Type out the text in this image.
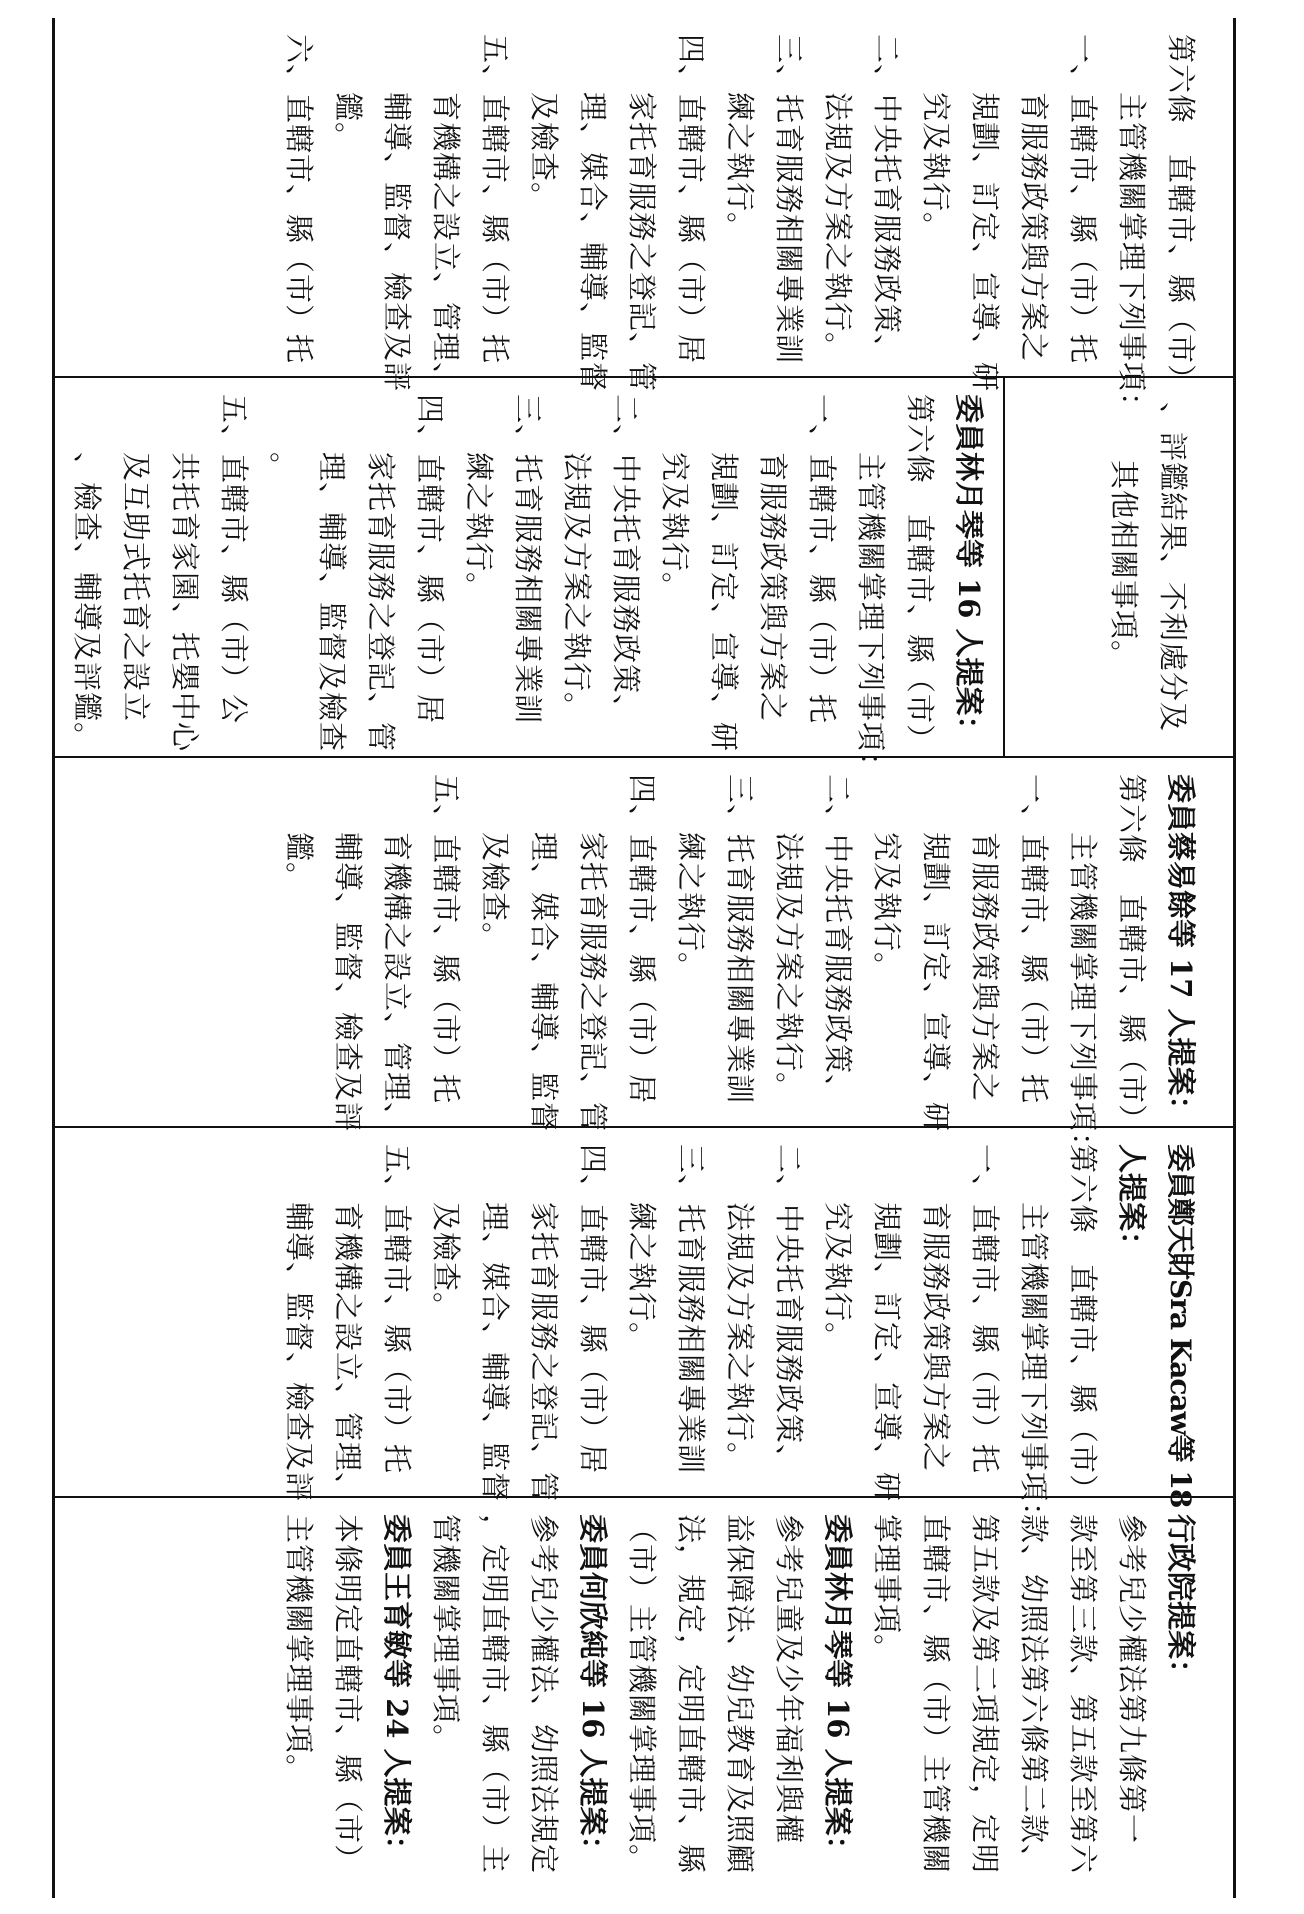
第六條　直轄市、縣（市）
主管機關掌理下列事項：
一、直轄市、縣（市）托
育服務政策與方案之
規劃、訂定、宣導、研
究及執行。
二、中央托育服務政策、
法規及方案之執行。
三、托育服務相關專業訓
練之執行。
四、直轄市、縣（市）居
家托育服務之登記、管
理、媒合、輔導、監督
及檢查。
五、直轄市、縣（市）托
育機構之設立、管理、
輔導、監督、檢查及評
鑑。
六、直轄市、縣（市）托
、評鑑結果、不利處分及
其他相關事項。
委員林月琴等 16 人提案：
第六條　直轄市、縣（市）
主管機關掌理下列事項：
一、直轄市、縣（市）托
育服務政策與方案之
規劃、訂定、宣導、研
究及執行。
二、中央托育服務政策、
法規及方案之執行。
三、托育服務相關專業訓
練之執行。
四、直轄市、縣（市）居
家托育服務之登記、管
理、輔導、監督及檢查
。
五、直轄市、縣（市）公
共托育家園、托嬰中心
及互助式托育之設立
、檢查、輔導及評鑑。
委員蔡易餘等 17 人提案：
第六條　直轄市、縣（市）
主管機關掌理下列事項：
一、直轄市、縣（市）托
育服務政策與方案之
規劃、訂定、宣導、研
究及執行。
二、中央托育服務政策、
法規及方案之執行。
三、托育服務相關專業訓
練之執行。
四、直轄市、縣（市）居
家托育服務之登記、管
理、媒合、輔導、監督
及檢查。
五、直轄市、縣（市）托
育機構之設立、管理、
輔導、監督、檢查及評
鑑。
委員鄭天財Sra Kacaw等 18
人提案：
第六條　直轄市、縣（市）
主管機關掌理下列事項：
一、直轄市、縣（市）托
育服務政策與方案之
規劃、訂定、宣導、研
究及執行。
二、中央托育服務政策、
法規及方案之執行。
三、托育服務相關專業訓
練之執行。
四、直轄市、縣（市）居
家托育服務之登記、管
理、媒合、輔導、監督
及檢查。
五、直轄市、縣（市）托
育機構之設立、管理、
輔導、監督、檢查及評
行政院提案：
參考兒少權法第九條第一
款至第三款、第五款至第六
款、幼照法第六條第二款、
第五款及第二項規定，定明
直轄市、縣（市）主管機關
掌理事項。
委員林月琴等 16 人提案：
參考兒童及少年福利與權
益保障法、幼兒教育及照顧
法，規定，定明直轄市、縣
（市）主管機關掌理事項。
委員何欣純等 16 人提案：
參考兒少權法、幼照法規定
，定明直轄市、縣（市）主
管機關掌理事項。
委員王育敏等 24 人提案：
本條明定直轄市、縣（市）
主管機關掌理事項。
